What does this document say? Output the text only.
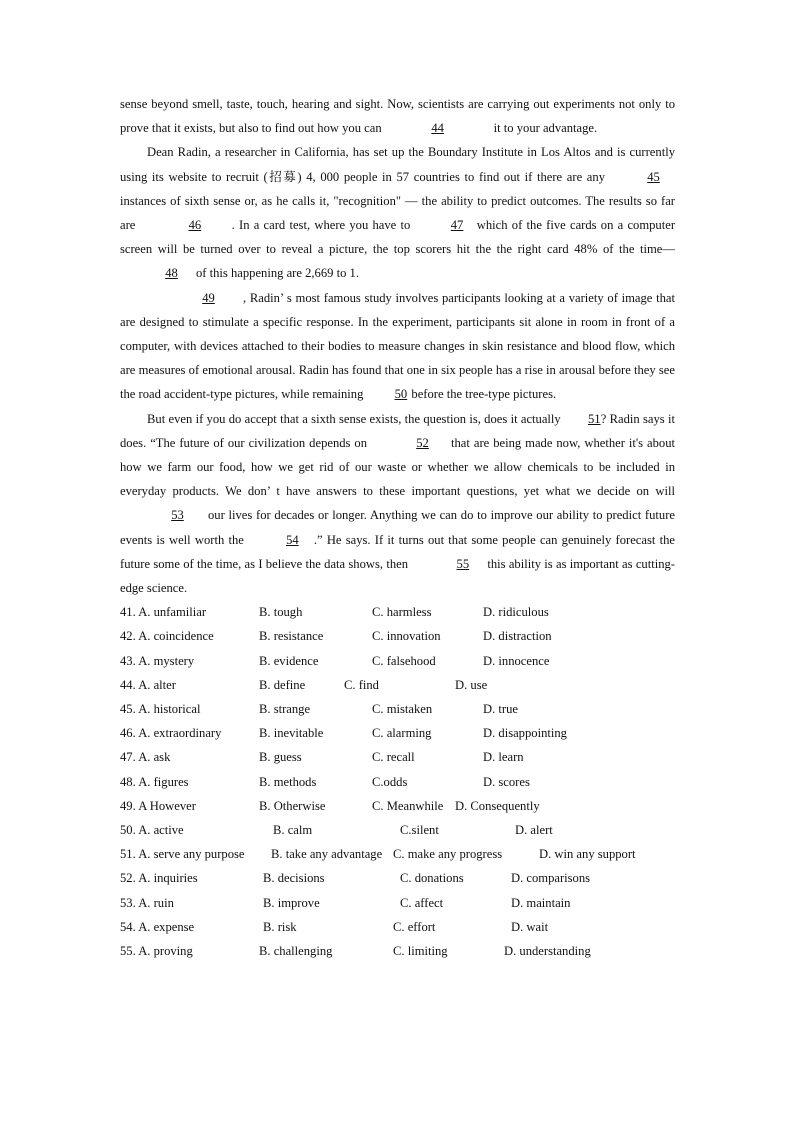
sense beyond smell, taste, touch, hearing and sight. Now, scientists are carrying out experiments not only to prove that it exists, but also to find out how you can	44	it to your advantage.

Dean Radin, a researcher in California, has set up the Boundary Institute in Los Altos and is currently using its website to recruit (招募) 4, 000 people in 57 countries to find out if there are any	45instances of sixth sense or, as he calls it, "recognition" — the ability to predict outcomes. The results so far are	46 . In a card test, where you have to	47 which of the five cards on a computer screen will be turned over to reveal a picture, the top scorers hit the the right card 48% of the time— 48 of this happening are 2,669 to 1.

49 , Radin’ s most famous study involves participants looking at a variety of image that are designed to stimulate a specific response. In the experiment, participants sit alone in room in front of a computer, with devices attached to their bodies to measure changes in skin resistance and blood flow, which are measures of emotional arousal. Radin has found that one in six people has a rise in arousal before they see the road accident-type pictures, while remaining 50 before the tree-type pictures.

But even if you do accept that a sixth sense exists, the question is, does it actually 51? Radin says it does. “The future of our civilization depends on	52 that are being made now, whether it's about how we farm our food, how we get rid of our waste or whether we allow chemicals to be included in everyday products. We don’ t have answers to these important questions, yet what we decide on will53 our lives for decades or longer. Anything we can do to improve our ability to predict future events is well worth the	54 .” He says. If it turns out that some people can genuinely forecast the future some of the time, as I believe the data shows, then	55 this ability is as important as cutting-edge science.

41. A. unfamiliar	B. tough	C. harmless	D. ridiculous
42. A. coincidence	B. resistance	C. innovation	D. distraction
43. A. mystery	B. evidence	C. falsehood	D. innocence
44. A. alter	B. define	C. find	D. use
45. A. historical	B. strange	C. mistaken	D. true
46. A. extraordinary	B. inevitable	C. alarming	D. disappointing
47. A. ask	B. guess	C. recall	D. learn
48. A. figures	B. methods	C.odds	D. scores
49. A However	B. Otherwise	C. Meanwhile D. Consequently
50. A. active	B. calm	C.silent	D. alert
51. A. serve any purpose B. take any advantage C. make any progress	D. win any support
52. A. inquiries	B. decisions	C. donations	D. comparisons
53. A. ruin	B. improve	C. affect	D. maintain
54. A. expense	B. risk	C. effort	D. wait
55. A. proving	B. challenging	C. limiting	D. understanding
